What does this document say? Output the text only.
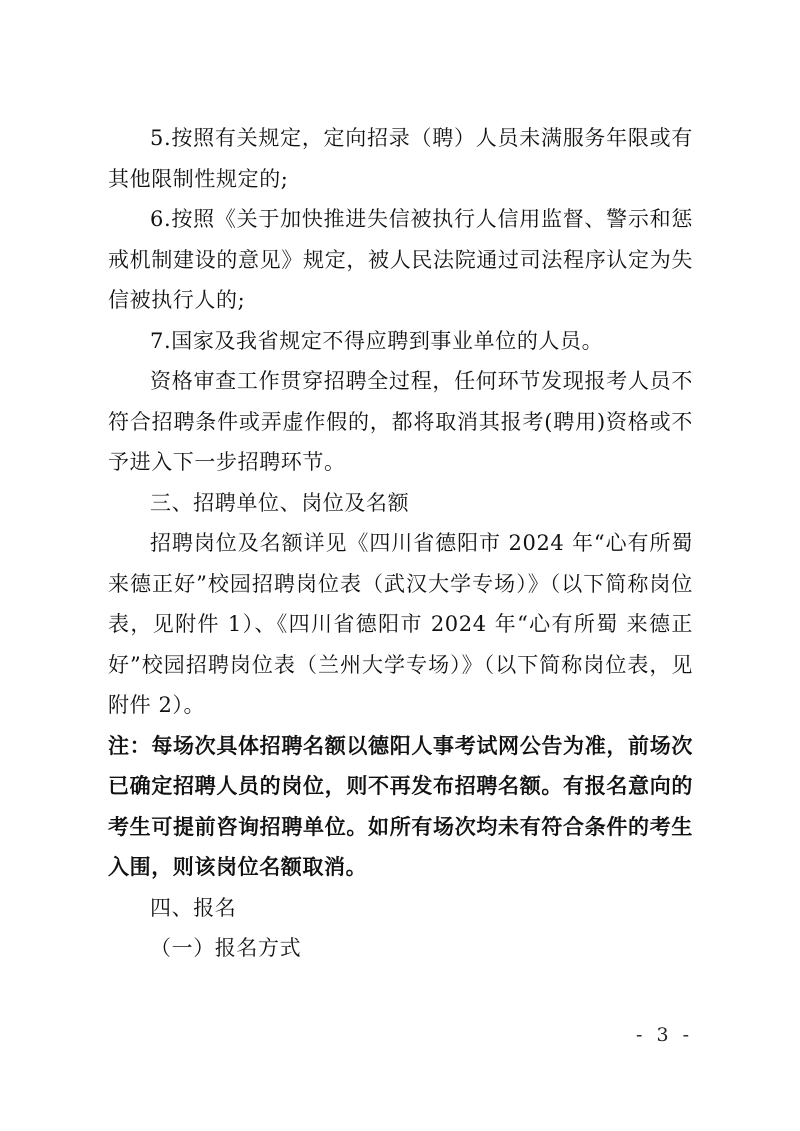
5.按照有关规定，定向招录（聘）人员未满服务年限或有其他限制性规定的;

6.按照《关于加快推进失信被执行人信用监督、警示和惩戒机制建设的意见》规定，被人民法院通过司法程序认定为失信被执行人的;

7.国家及我省规定不得应聘到事业单位的人员。

资格审查工作贯穿招聘全过程，任何环节发现报考人员不符合招聘条件或弄虚作假的，都将取消其报考(聘用)资格或不予进入下一步招聘环节。

三、招聘单位、岗位及名额

招聘岗位及名额详见《四川省德阳市 2024 年“心有所蜀 来德正好”校园招聘岗位表（武汉大学专场）》（以下简称岗位表，见附件 1）、《四川省德阳市 2024 年“心有所蜀 来德正好”校园招聘岗位表（兰州大学专场）》（以下简称岗位表，见附件 2）。

注：每场次具体招聘名额以德阳人事考试网公告为准，前场次已确定招聘人员的岗位，则不再发布招聘名额。有报名意向的考生可提前咨询招聘单位。如所有场次均未有符合条件的考生入围，则该岗位名额取消。

四、报名

（一）报名方式

- 3 -
